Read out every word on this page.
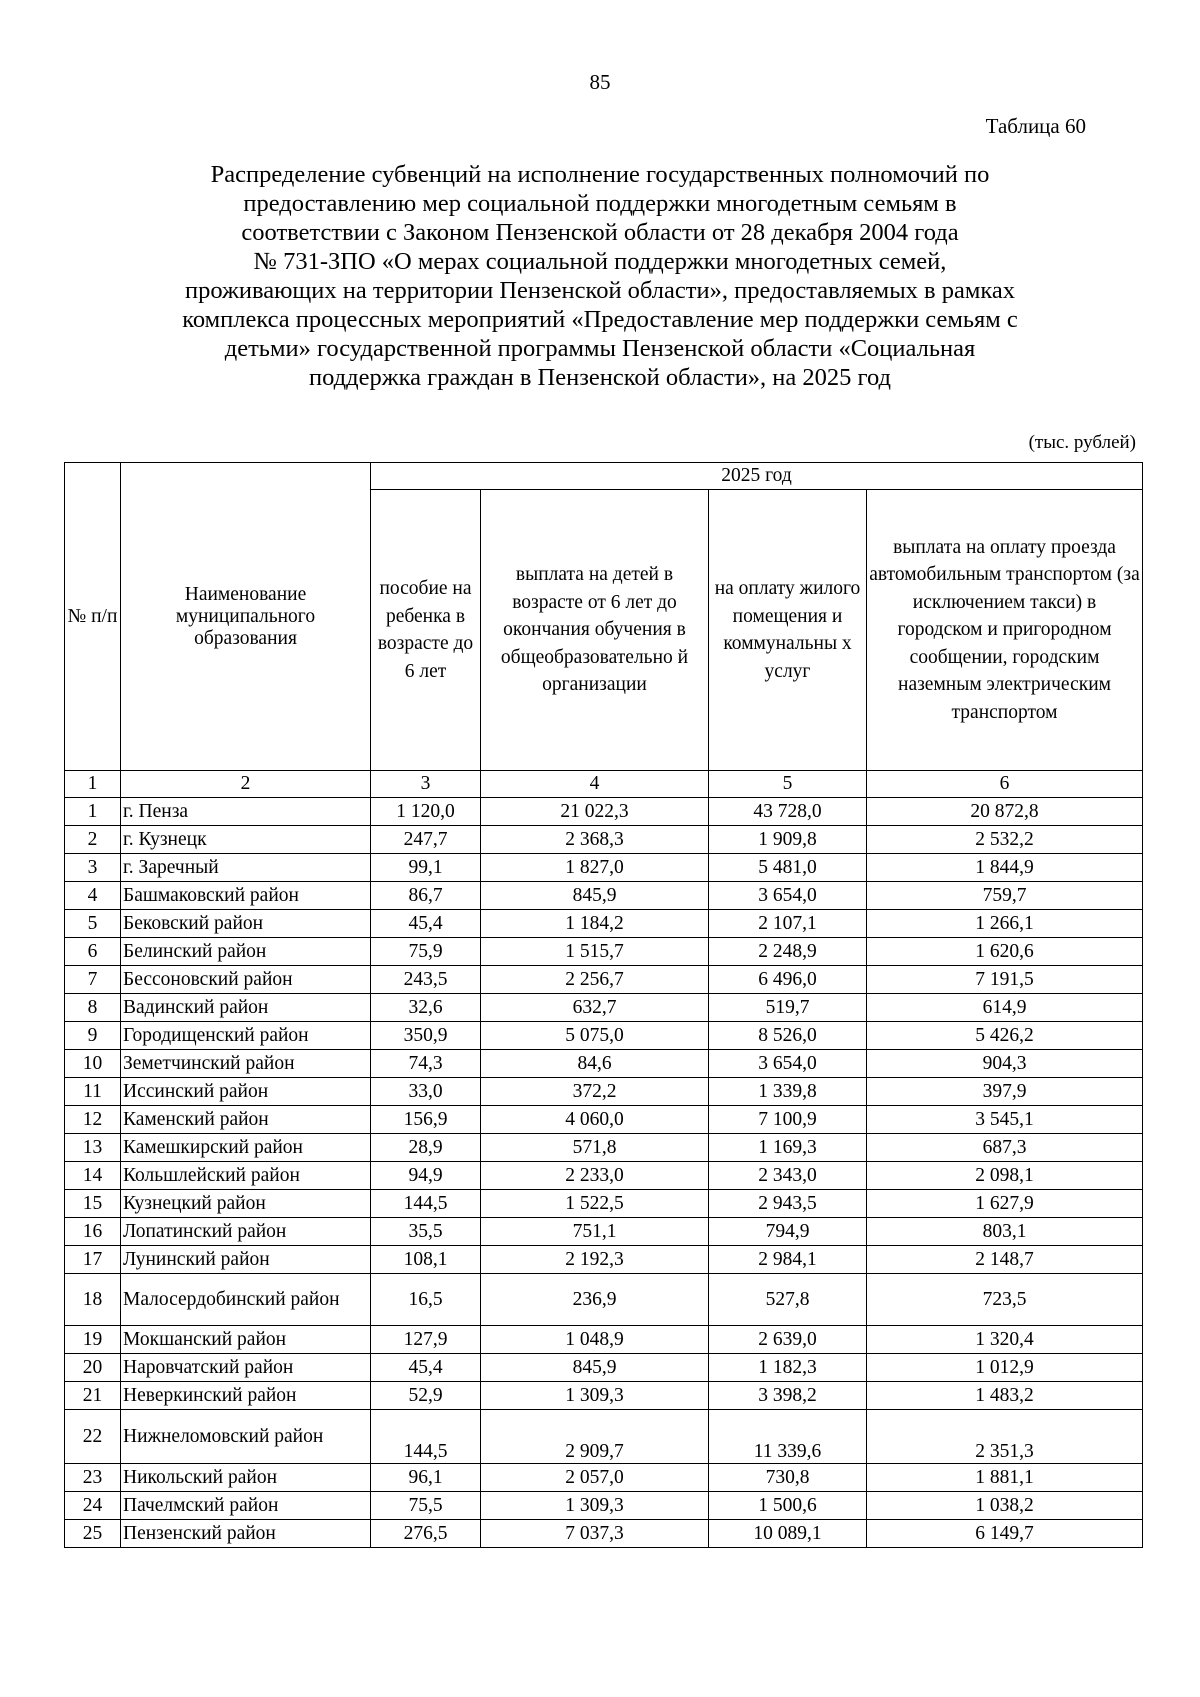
85
Таблица 60
Распределение субвенций на исполнение государственных полномочий по
предоставлению мер социальной поддержки многодетным семьям в
соответствии с Законом Пензенской области от 28 декабря 2004 года
№ 731-ЗПО «О мерах социальной поддержки многодетных семей,
проживающих на территории Пензенской области», предоставляемых в рамках
комплекса процессных мероприятий «Предоставление мер поддержки семьям с
детьми» государственной программы Пензенской области «Социальная
поддержка граждан в Пензенской области», на 2025 год
(тыс. рублей)
№ п/п	Наименование муниципального образования	2025 год			
		пособие на ребенка в возрасте до 6 лет	выплата на детей в возрасте от 6 лет до окончания обучения в общеобразовательно й организации	на оплату жилого помещения и коммунальны х услуг	выплата на оплату проезда автомобильным транспортом (за исключением такси) в городском и пригородном сообщении, городским наземным электрическим транспортом
1	2	3	4	5	6
1	г. Пенза	1 120,0	21 022,3	43 728,0	20 872,8
2	г. Кузнецк	247,7	2 368,3	1 909,8	2 532,2
3	г. Заречный	99,1	1 827,0	5 481,0	1 844,9
4	Башмаковский район	86,7	845,9	3 654,0	759,7
5	Бековский район	45,4	1 184,2	2 107,1	1 266,1
6	Белинский район	75,9	1 515,7	2 248,9	1 620,6
7	Бессоновский район	243,5	2 256,7	6 496,0	7 191,5
8	Вадинский район	32,6	632,7	519,7	614,9
9	Городищенский район	350,9	5 075,0	8 526,0	5 426,2
10	Земетчинский район	74,3	84,6	3 654,0	904,3
11	Иссинский район	33,0	372,2	1 339,8	397,9
12	Каменский район	156,9	4 060,0	7 100,9	3 545,1
13	Камешкирский район	28,9	571,8	1 169,3	687,3
14	Кольшлейский район	94,9	2 233,0	2 343,0	2 098,1
15	Кузнецкий район	144,5	1 522,5	2 943,5	1 627,9
16	Лопатинский район	35,5	751,1	794,9	803,1
17	Лунинский район	108,1	2 192,3	2 984,1	2 148,7
18	Малосердобинский район	16,5	236,9	527,8	723,5
19	Мокшанский район	127,9	1 048,9	2 639,0	1 320,4
20	Наровчатский район	45,4	845,9	1 182,3	1 012,9
21	Неверкинский район	52,9	1 309,3	3 398,2	1 483,2
22	Нижнеломовский район	144,5	2 909,7	11 339,6	2 351,3
23	Никольский район	96,1	2 057,0	730,8	1 881,1
24	Пачелмский район	75,5	1 309,3	1 500,6	1 038,2
25	Пензенский район	276,5	7 037,3	10 089,1	6 149,7
